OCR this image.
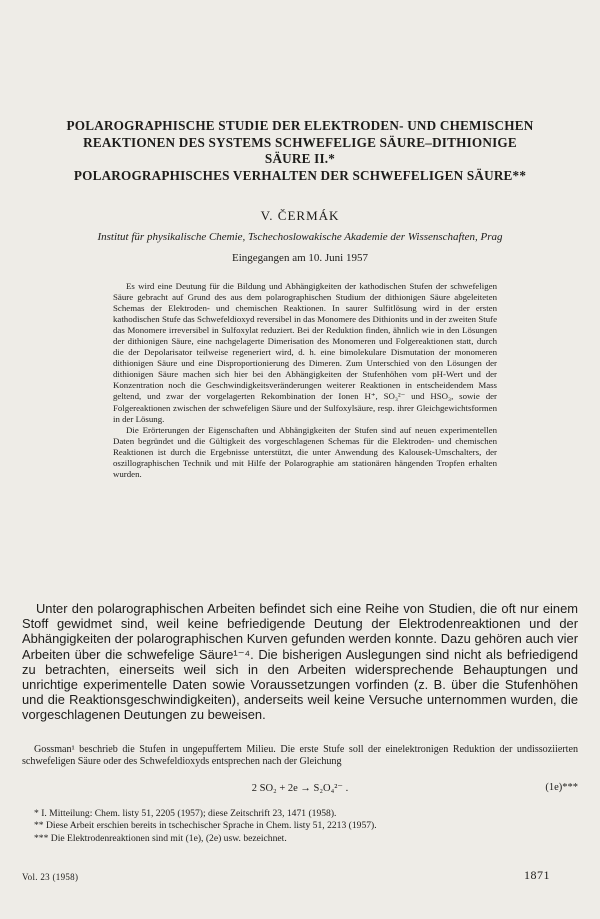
POLAROGRAPHISCHE STUDIE DER ELEKTRODEN- UND CHEMISCHEN
REAKTIONEN DES SYSTEMS SCHWEFELIGE SÄURE–DITHIONIGE
SÄURE II.*
POLAROGRAPHISCHES VERHALTEN DER SCHWEFELIGEN SÄURE**
V. ČERMÁK
Institut für physikalische Chemie, Tschechoslowakische Akademie der Wissenschaften, Prag
Eingegangen am 10. Juni 1957

Es wird eine Deutung für die Bildung und Abhängigkeiten der kathodischen Stufen der schwefeligen Säure gebracht auf Grund des aus dem polarographischen Studium der dithionigen Säure abgeleiteten Schemas der Elektroden- und chemischen Reaktionen. In saurer Sulfitlösung wird in der ersten kathodischen Stufe das Schwefeldioxyd reversibel in das Monomere des Dithionits und in der zweiten Stufe das Monomere irreversibel in Sulfoxylat reduziert. Bei der Reduktion finden, ähnlich wie in den Lösungen der dithionigen Säure, eine nachgelagerte Dimerisation des Monomeren und Folgereaktionen statt, durch die der Depolarisator teilweise regeneriert wird, d. h. eine bimolekulare Dismutation der monomeren dithionigen Säure und eine Disproportionierung des Dimeren. Zum Unterschied von den Lösungen der dithionigen Säure machen sich hier bei den Abhängigkeiten der Stufenhöhen vom pH-Wert und der Konzentration noch die Geschwindigkeitsveränderungen weiterer Reaktionen in entscheidendem Mass geltend, und zwar der vorgelagerten Rekombination der Ionen H⁺, SO₃²⁻ und HSO₃, sowie der Folgereaktionen zwischen der schwefeligen Säure und der Sulfoxylsäure, resp. ihrer Gleichgewichtsformen in der Lösung.

Die Erörterungen der Eigenschaften und Abhängigkeiten der Stufen sind auf neuen experimentellen Daten begründet und die Gültigkeit des vorgeschlagenen Schemas für die Elektroden- und chemischen Reaktionen ist durch die Ergebnisse unterstützt, die unter Anwendung des Kalousek-Umschalters, der oszillographischen Technik und mit Hilfe der Polarographie am stationären hängenden Tropfen erhalten wurden.

Unter den polarographischen Arbeiten befindet sich eine Reihe von Studien, die oft nur einem Stoff gewidmet sind, weil keine befriedigende Deutung der Elektrodenreaktionen und der Abhängigkeiten der polarographischen Kurven gefunden werden konnte. Dazu gehören auch vier Arbeiten über die schwefelige Säure¹⁻⁴. Die bisherigen Auslegungen sind nicht als befriedigend zu betrachten, einerseits weil sich in den Arbeiten widersprechende Behauptungen und unrichtige experimentelle Daten sowie Voraussetzungen vorfinden (z. B. über die Stufenhöhen und die Reaktionsgeschwindigkeiten), anderseits weil keine Versuche unternommen wurden, die vorgeschlagenen Deutungen zu beweisen.

Gossman¹ beschrieb die Stufen in ungepuffertem Milieu. Die erste Stufe soll der einelektronigen Reduktion der undissoziierten schwefeligen Säure oder des Schwefeldioxyds entsprechen nach der Gleichung

2 SO₂ + 2e → S₂O₄²⁻ .	(1e)***
* I. Mitteilung: Chem. listy 51, 2205 (1957); diese Zeitschrift 23, 1471 (1958).
** Diese Arbeit erschien bereits in tschechischer Sprache in Chem. listy 51, 2213 (1957).
*** Die Elektrodenreaktionen sind mit (1e), (2e) usw. bezeichnet.
Vol. 23 (1958)	1871
